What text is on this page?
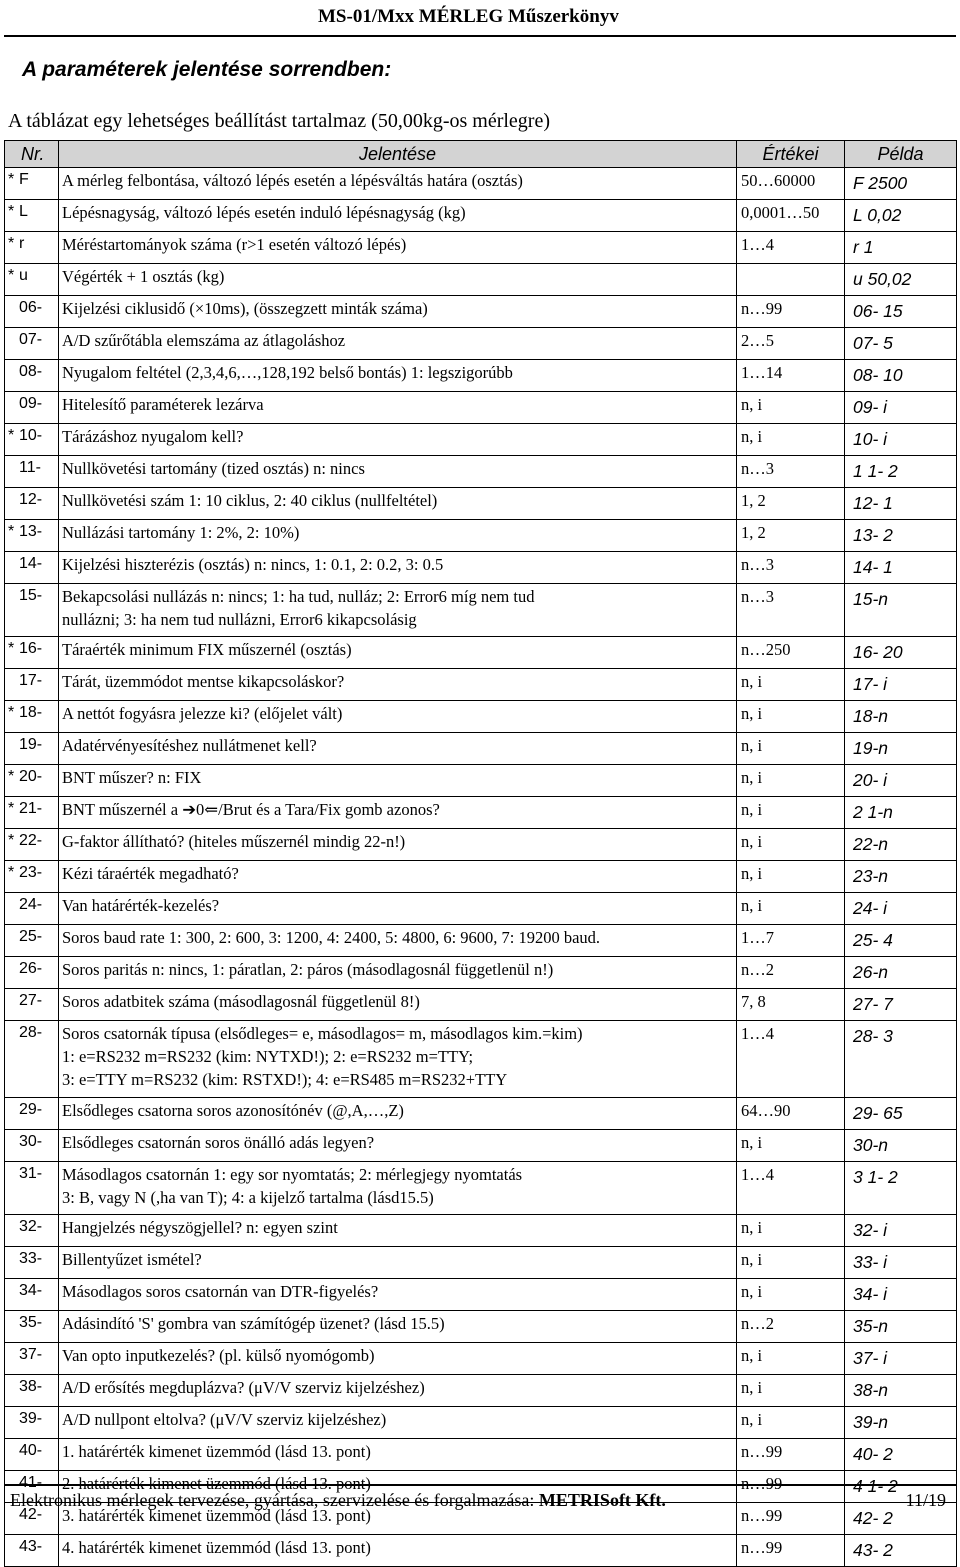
MS-01/Mxx MÉRLEG Műszerkönyv
A paraméterek jelentése sorrendben:
A táblázat egy lehetséges beállítást tartalmaz (50,00kg-os mérlegre)
Nr.	Jelentése	Értékei	Példa
* F	A mérleg felbontása, változó lépés esetén a lépésváltás határa (osztás)	50…60000	F 2500
* L	Lépésnagyság, változó lépés esetén induló lépésnagyság (kg)	0,0001…50	L 0,02
* r	Méréstartományok száma (r>1 esetén változó lépés)	1…4	r 1
* u	Végérték + 1 osztás (kg)		u 50,02
06-	Kijelzési ciklusidő (×10ms), (összegzett minták száma)	n…99	06- 15
07-	A/D szűrőtábla elemszáma az átlagoláshoz	2…5	07- 5
08-	Nyugalom feltétel (2,3,4,6,…,128,192 belső bontás) 1: legszigorúbb	1…14	08- 10
09-	Hitelesítő paraméterek lezárva	n, i	09- i
* 10-	Tárázáshoz nyugalom kell?	n, i	10- i
11-	Nullkövetési tartomány (tized osztás) n: nincs	n…3	1 1- 2
12-	Nullkövetési szám 1: 10 ciklus, 2: 40 ciklus (nullfeltétel)	1, 2	12- 1
* 13-	Nullázási tartomány 1: 2%, 2: 10%)	1, 2	13- 2
14-	Kijelzési hiszterézis (osztás) n: nincs, 1: 0.1, 2: 0.2, 3: 0.5	n…3	14- 1
15-	Bekapcsolási nullázás n: nincs; 1: ha tud, nulláz; 2: Error6 míg nem tud
nullázni; 3: ha nem tud nullázni, Error6 kikapcsolásig	n…3	15-n
* 16-	Táraérték minimum FIX műszernél (osztás)	n…250	16- 20
17-	Tárát, üzemmódot mentse kikapcsoláskor?	n, i	17- i
* 18-	A nettót fogyásra jelezze ki? (előjelet vált)	n, i	18-n
19-	Adatérvényesítéshez nullátmenet kell?	n, i	19-n
* 20-	BNT műszer? n: FIX	n, i	20- i
* 21-	BNT műszernél a ➔0⇐/Brut és a Tara/Fix gomb azonos?	n, i	2 1-n
* 22-	G-faktor állítható? (hiteles műszernél mindig 22-n!)	n, i	22-n
* 23-	Kézi táraérték megadható?	n, i	23-n
24-	Van határérték-kezelés?	n, i	24- i
25-	Soros baud rate 1: 300, 2: 600, 3: 1200, 4: 2400, 5: 4800, 6: 9600, 7: 19200 baud.	1…7	25- 4
26-	Soros paritás n: nincs, 1: páratlan, 2: páros (másodlagosnál függetlenül n!)	n…2	26-n
27-	Soros adatbitek száma (másodlagosnál függetlenül 8!)	7, 8	27- 7
28-	Soros csatornák típusa (elsődleges= e, másodlagos= m, másodlagos kim.=kim)
1: e=RS232 m=RS232 (kim: NYTXD!); 2: e=RS232 m=TTY;
3: e=TTY m=RS232 (kim: RSTXD!); 4: e=RS485 m=RS232+TTY	1…4	28- 3
29-	Elsődleges csatorna soros azonosítónév (@,A,…,Z)	64…90	29- 65
30-	Elsődleges csatornán soros önálló adás legyen?	n, i	30-n
31-	Másodlagos csatornán 1: egy sor nyomtatás; 2: mérlegjegy nyomtatás
3: B, vagy N (,ha van T); 4: a kijelző tartalma (lásd15.5)	1…4	3 1- 2
32-	Hangjelzés négyszögjellel? n: egyen szint	n, i	32- i
33-	Billentyűzet ismétel?	n, i	33- i
34-	Másodlagos soros csatornán van DTR-figyelés?	n, i	34- i
35-	Adásindító 'S' gombra van számítógép üzenet? (lásd 15.5)	n…2	35-n
37-	Van opto inputkezelés? (pl. külső nyomógomb)	n, i	37- i
38-	A/D erősítés megduplázva? (μV/V szerviz kijelzéshez)	n, i	38-n
39-	A/D nullpont eltolva? (μV/V szerviz kijelzéshez)	n, i	39-n
40-	1. határérték kimenet üzemmód (lásd 13. pont)	n…99	40- 2
41-	2. határérték kimenet üzemmód (lásd 13. pont)	n…99	4 1- 2
42-	3. határérték kimenet üzemmód (lásd 13. pont)	n…99	42- 2
43-	4. határérték kimenet üzemmód (lásd 13. pont)	n…99	43- 2
Elektronikus mérlegek tervezése, gyártása, szervizelése és forgalmazása: METRISoft Kft.	11/19
